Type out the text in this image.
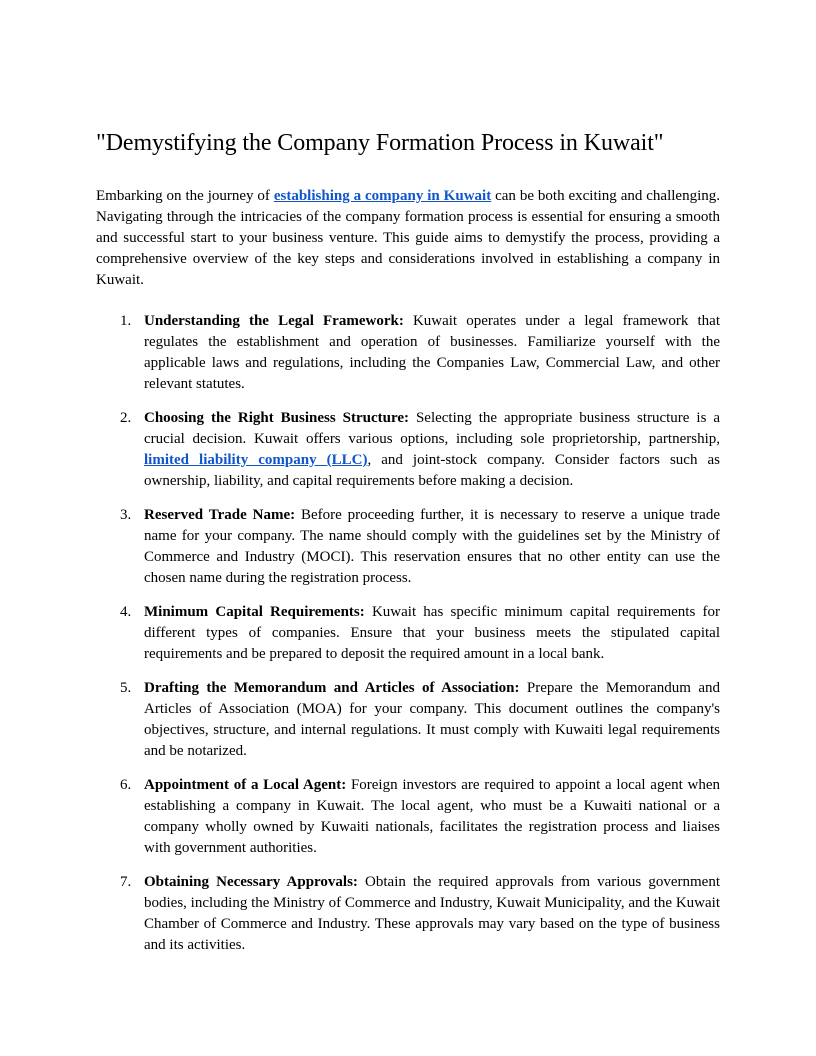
"Demystifying the Company Formation Process in Kuwait"

Embarking on the journey of establishing a company in Kuwait can be both exciting and challenging. Navigating through the intricacies of the company formation process is essential for ensuring a smooth and successful start to your business venture. This guide aims to demystify the process, providing a comprehensive overview of the key steps and considerations involved in establishing a company in Kuwait.

1. Understanding the Legal Framework: Kuwait operates under a legal framework that regulates the establishment and operation of businesses. Familiarize yourself with the applicable laws and regulations, including the Companies Law, Commercial Law, and other relevant statutes.
2. Choosing the Right Business Structure: Selecting the appropriate business structure is a crucial decision. Kuwait offers various options, including sole proprietorship, partnership, limited liability company (LLC), and joint-stock company. Consider factors such as ownership, liability, and capital requirements before making a decision.
3. Reserved Trade Name: Before proceeding further, it is necessary to reserve a unique trade name for your company. The name should comply with the guidelines set by the Ministry of Commerce and Industry (MOCI). This reservation ensures that no other entity can use the chosen name during the registration process.
4. Minimum Capital Requirements: Kuwait has specific minimum capital requirements for different types of companies. Ensure that your business meets the stipulated capital requirements and be prepared to deposit the required amount in a local bank.
5. Drafting the Memorandum and Articles of Association: Prepare the Memorandum and Articles of Association (MOA) for your company. This document outlines the company's objectives, structure, and internal regulations. It must comply with Kuwaiti legal requirements and be notarized.
6. Appointment of a Local Agent: Foreign investors are required to appoint a local agent when establishing a company in Kuwait. The local agent, who must be a Kuwaiti national or a company wholly owned by Kuwaiti nationals, facilitates the registration process and liaises with government authorities.
7. Obtaining Necessary Approvals: Obtain the required approvals from various government bodies, including the Ministry of Commerce and Industry, Kuwait Municipality, and the Kuwait Chamber of Commerce and Industry. These approvals may vary based on the type of business and its activities.
